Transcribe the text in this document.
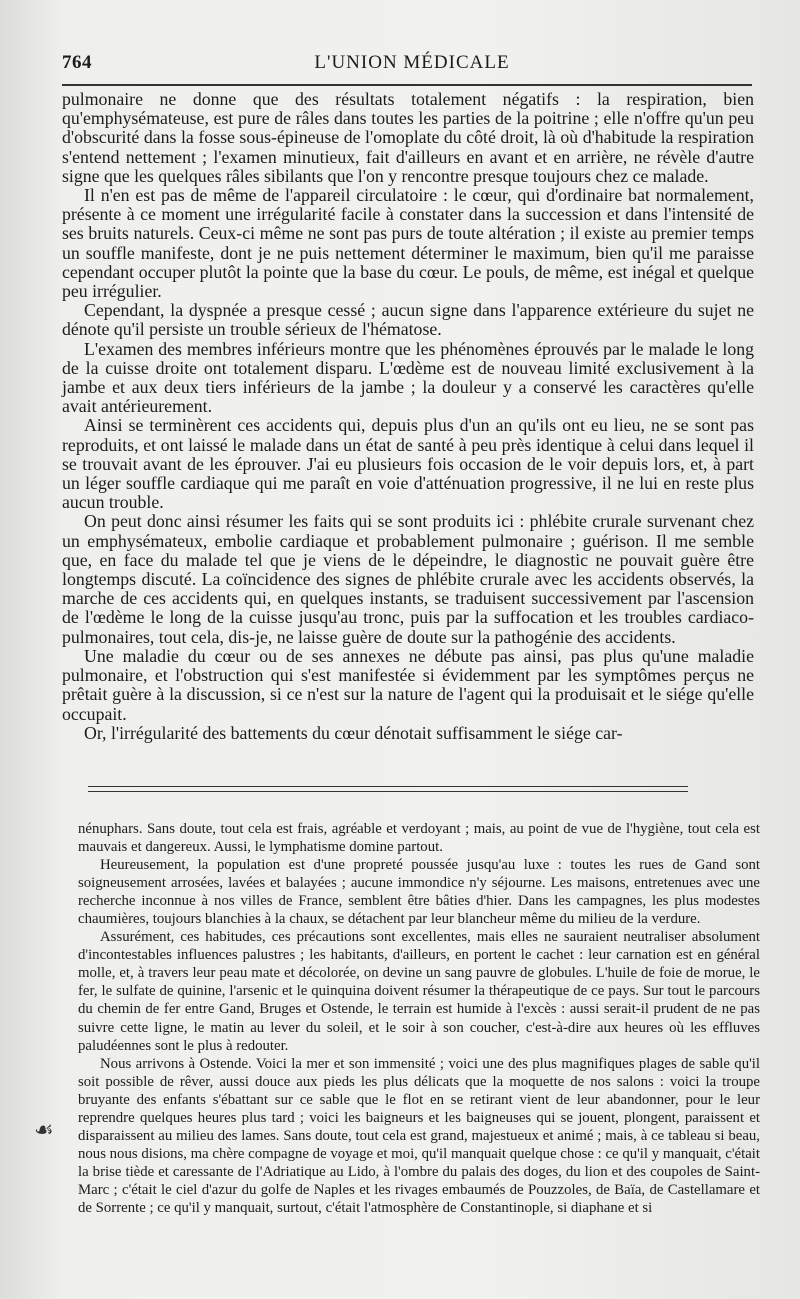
764	L'UNION MÉDICALE

pulmonaire ne donne que des résultats totalement négatifs : la respiration, bien qu'emphysémateuse, est pure de râles dans toutes les parties de la poitrine ; elle n'offre qu'un peu d'obscurité dans la fosse sous-épineuse de l'omoplate du côté droit, là où d'habitude la respiration s'entend nettement ; l'examen minutieux, fait d'ailleurs en avant et en arrière, ne révèle d'autre signe que les quelques râles sibilants que l'on y rencontre presque toujours chez ce malade.

Il n'en est pas de même de l'appareil circulatoire : le cœur, qui d'ordinaire bat normalement, présente à ce moment une irrégularité facile à constater dans la succession et dans l'intensité de ses bruits naturels. Ceux-ci même ne sont pas purs de toute altération ; il existe au premier temps un souffle manifeste, dont je ne puis nettement déterminer le maximum, bien qu'il me paraisse cependant occuper plutôt la pointe que la base du cœur. Le pouls, de même, est inégal et quelque peu irrégulier.

Cependant, la dyspnée a presque cessé ; aucun signe dans l'apparence extérieure du sujet ne dénote qu'il persiste un trouble sérieux de l'hématose.

L'examen des membres inférieurs montre que les phénomènes éprouvés par le malade le long de la cuisse droite ont totalement disparu. L'œdème est de nouveau limité exclusivement à la jambe et aux deux tiers inférieurs de la jambe ; la douleur y a conservé les caractères qu'elle avait antérieurement.

Ainsi se terminèrent ces accidents qui, depuis plus d'un an qu'ils ont eu lieu, ne se sont pas reproduits, et ont laissé le malade dans un état de santé à peu près identique à celui dans lequel il se trouvait avant de les éprouver. J'ai eu plusieurs fois occasion de le voir depuis lors, et, à part un léger souffle cardiaque qui me paraît en voie d'atténuation progressive, il ne lui en reste plus aucun trouble.

On peut donc ainsi résumer les faits qui se sont produits ici : phlébite crurale survenant chez un emphysémateux, embolie cardiaque et probablement pulmonaire ; guérison. Il me semble que, en face du malade tel que je viens de le dépeindre, le diagnostic ne pouvait guère être longtemps discuté. La coïncidence des signes de phlébite crurale avec les accidents observés, la marche de ces accidents qui, en quelques instants, se traduisent successivement par l'ascension de l'œdème le long de la cuisse jusqu'au tronc, puis par la suffocation et les troubles cardiaco-pulmonaires, tout cela, dis-je, ne laisse guère de doute sur la pathogénie des accidents.

Une maladie du cœur ou de ses annexes ne débute pas ainsi, pas plus qu'une maladie pulmonaire, et l'obstruction qui s'est manifestée si évidemment par les symptômes perçus ne prêtait guère à la discussion, si ce n'est sur la nature de l'agent qui la produisait et le siége qu'elle occupait.

Or, l'irrégularité des battements du cœur dénotait suffisamment le siége car-

nénuphars. Sans doute, tout cela est frais, agréable et verdoyant ; mais, au point de vue de l'hygiène, tout cela est mauvais et dangereux. Aussi, le lymphatisme domine partout.

Heureusement, la population est d'une propreté poussée jusqu'au luxe : toutes les rues de Gand sont soigneusement arrosées, lavées et balayées ; aucune immondice n'y séjourne. Les maisons, entretenues avec une recherche inconnue à nos villes de France, semblent être bâties d'hier. Dans les campagnes, les plus modestes chaumières, toujours blanchies à la chaux, se détachent par leur blancheur même du milieu de la verdure.

Assurément, ces habitudes, ces précautions sont excellentes, mais elles ne sauraient neutraliser absolument d'incontestables influences palustres ; les habitants, d'ailleurs, en portent le cachet : leur carnation est en général molle, et, à travers leur peau mate et décolorée, on devine un sang pauvre de globules. L'huile de foie de morue, le fer, le sulfate de quinine, l'arsenic et le quinquina doivent résumer la thérapeutique de ce pays. Sur tout le parcours du chemin de fer entre Gand, Bruges et Ostende, le terrain est humide à l'excès : aussi serait-il prudent de ne pas suivre cette ligne, le matin au lever du soleil, et le soir à son coucher, c'est-à-dire aux heures où les effluves paludéennes sont le plus à redouter.

Nous arrivons à Ostende. Voici la mer et son immensité ; voici une des plus magnifiques plages de sable qu'il soit possible de rêver, aussi douce aux pieds les plus délicats que la moquette de nos salons : voici la troupe bruyante des enfants s'ébattant sur ce sable que le flot en se retirant vient de leur abandonner, pour le leur reprendre quelques heures plus tard ; voici les baigneurs et les baigneuses qui se jouent, plongent, paraissent et disparaissent au milieu des lames. Sans doute, tout cela est grand, majestueux et animé ; mais, à ce tableau si beau, nous nous disions, ma chère compagne de voyage et moi, qu'il manquait quelque chose : ce qu'il y manquait, c'était la brise tiède et caressante de l'Adriatique au Lido, à l'ombre du palais des doges, du lion et des coupoles de Saint-Marc ; c'était le ciel d'azur du golfe de Naples et les rivages embaumés de Pouzzoles, de Baïa, de Castellamare et de Sorrente ; ce qu'il y manquait, surtout, c'était l'atmosphère de Constantinople, si diaphane et si

☙
